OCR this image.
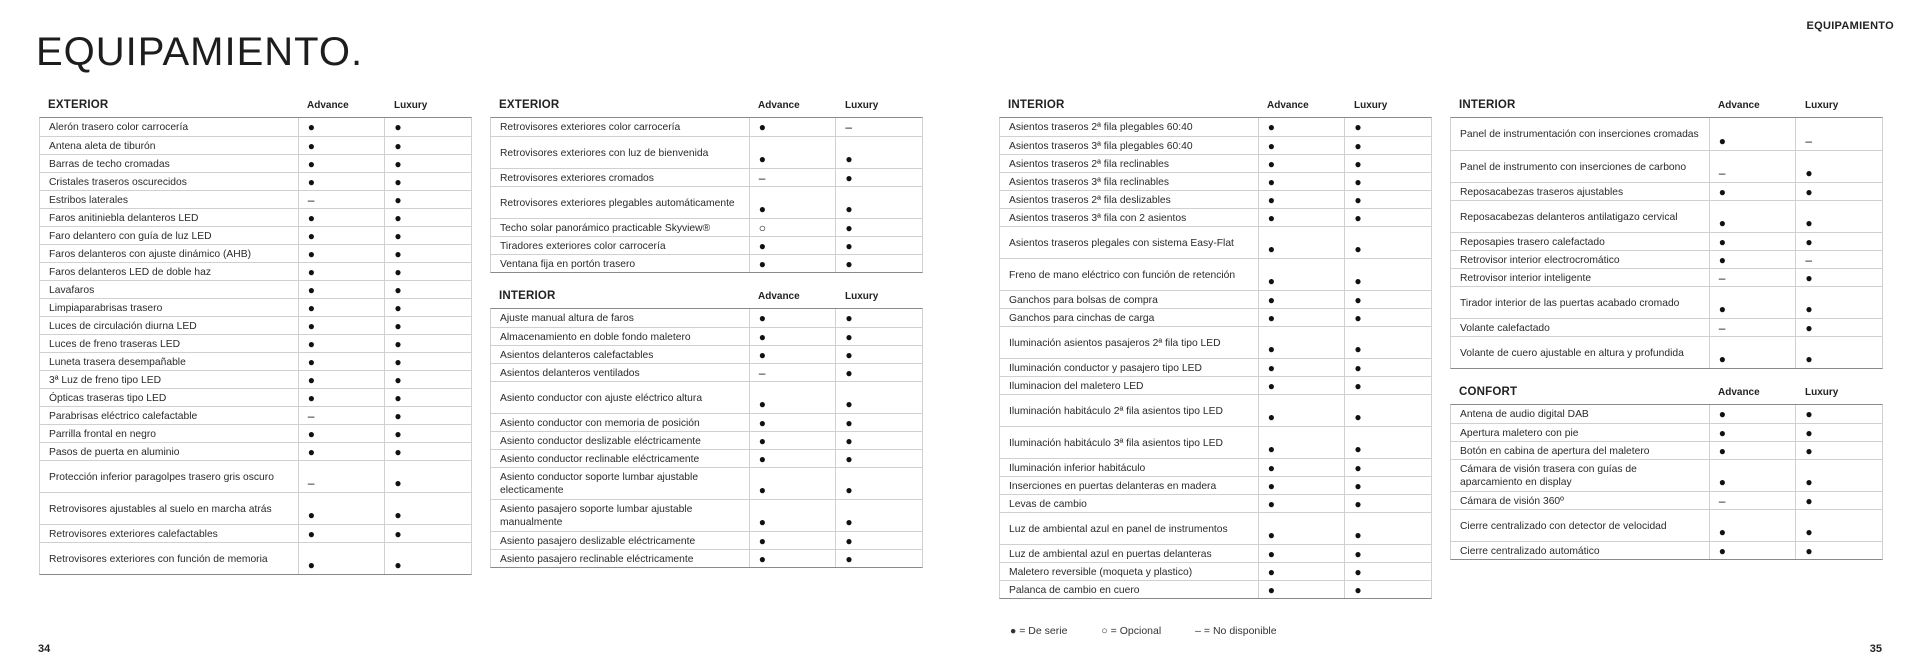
EQUIPAMIENTO.
EQUIPAMIENTO
EXTERIOR	Advance	Luxury
Alerón trasero color carrocería	●	●
Antena aleta de tiburón	●	●
Barras de techo cromadas	●	●
Cristales traseros oscurecidos	●	●
Estribos laterales	–	●
Faros anitiniebla delanteros LED	●	●
Faro delantero con guía de luz LED	●	●
Faros delanteros con ajuste dinámico (AHB)	●	●
Faros delanteros LED de doble haz	●	●
Lavafaros	●	●
Limpiaparabrisas trasero	●	●
Luces de circulación diurna LED	●	●
Luces de freno traseras LED	●	●
Luneta trasera desempañable	●	●
3ª Luz de freno tipo LED	●	●
Ópticas traseras tipo LED	●	●
Parabrisas eléctrico calefactable	–	●
Parrilla frontal en negro	●	●
Pasos de puerta en aluminio	●	●
Protección inferior paragolpes trasero gris oscuro	–	●
Retrovisores ajustables al suelo en marcha atrás	●	●
Retrovisores exteriores calefactables	●	●
Retrovisores exteriores con función de memoria	●	●
EXTERIOR	Advance	Luxury
Retrovisores exteriores color carrocería	●	–
Retrovisores exteriores con luz de bienvenida	●	●
Retrovisores exteriores cromados	–	●
Retrovisores exteriores plegables automáticamente	●	●
Techo solar panorámico practicable Skyview®	○	●
Tiradores exteriores color carrocería	●	●
Ventana fija en portón trasero	●	●
INTERIOR	Advance	Luxury
Ajuste manual altura de faros	●	●
Almacenamiento en doble fondo maletero	●	●
Asientos delanteros calefactables	●	●
Asientos delanteros ventilados	–	●
Asiento conductor con ajuste eléctrico altura	●	●
Asiento conductor con memoria de posición	●	●
Asiento conductor deslizable eléctricamente	●	●
Asiento conductor reclinable eléctricamente	●	●
Asiento conductor soporte lumbar ajustable electicamente	●	●
Asiento pasajero soporte lumbar ajustable manualmente	●	●
Asiento pasajero deslizable eléctricamente	●	●
Asiento pasajero reclinable eléctricamente	●	●
INTERIOR	Advance	Luxury
Asientos traseros 2ª fila plegables 60:40	●	●
Asientos traseros 3ª fila plegables 60:40	●	●
Asientos traseros 2ª fila reclinables	●	●
Asientos traseros 3ª fila reclinables	●	●
Asientos traseros 2ª fila deslizables	●	●
Asientos traseros 3ª fila con 2 asientos	●	●
Asientos traseros plegales con sistema Easy-Flat	●	●
Freno de mano eléctrico con función de retención	●	●
Ganchos para bolsas de compra	●	●
Ganchos para cinchas de carga	●	●
Iluminación asientos pasajeros 2ª fila tipo LED	●	●
Iluminación conductor y pasajero tipo LED	●	●
Iluminacion del maletero LED	●	●
Iluminación habitáculo 2ª fila asientos tipo LED	●	●
Iluminación habitáculo 3ª fila asientos tipo LED	●	●
Iluminación inferior habitáculo	●	●
Inserciones en puertas delanteras en madera	●	●
Levas de cambio	●	●
Luz de ambiental azul en panel de instrumentos	●	●
Luz de ambiental azul en puertas delanteras	●	●
Maletero reversible (moqueta y plastico)	●	●
Palanca de cambio en cuero	●	●
INTERIOR	Advance	Luxury
Panel de instrumentación con inserciones cromadas	●	–
Panel de instrumento con inserciones de carbono	–	●
Reposacabezas traseros ajustables	●	●
Reposacabezas delanteros antilatigazo cervical	●	●
Reposapies trasero calefactado	●	●
Retrovisor interior electrocromático	●	–
Retrovisor interior inteligente	–	●
Tirador interior de las puertas acabado cromado	●	●
Volante calefactado	–	●
Volante de cuero ajustable en altura y profundida	●	●
CONFORT	Advance	Luxury
Antena de audio digital DAB	●	●
Apertura maletero con pie	●	●
Botón en cabina de apertura del maletero	●	●
Cámara de visión trasera con guías de aparcamiento en display	●	●
Cámara de visión 360º	–	●
Cierre centralizado con detector de velocidad	●	●
Cierre centralizado automático	●	●
● = De serie	○ = Opcional	– = No disponible
34	35
